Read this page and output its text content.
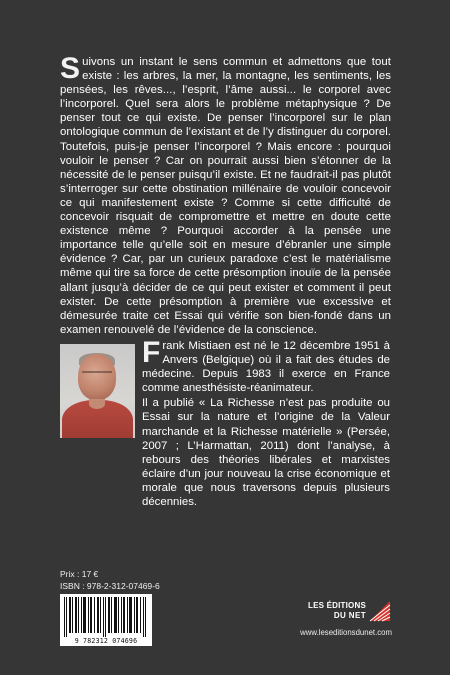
Suivons un instant le sens commun et admettons que tout existe : les arbres, la mer, la montagne, les sentiments, les pensées, les rêves..., l’esprit, l’âme aussi... le corporel avec l’incorporel. Quel sera alors le problème métaphysique ? De penser tout ce qui existe. De penser l’incorporel sur le plan ontologique commun de l’existant et de l’y distinguer du corporel. Toutefois, puis-je penser l’incorporel ? Mais encore : pourquoi vouloir le penser ? Car on pourrait aussi bien s’étonner de la nécessité de le penser puisqu’il existe. Et ne faudrait-il pas plutôt s’interroger sur cette obstination millénaire de vouloir concevoir ce qui manifestement existe ? Comme si cette difficulté de concevoir risquait de compromettre et mettre en doute cette existence même ? Pourquoi accorder à la pensée une importance telle qu’elle soit en mesure d’ébranler une simple évidence ? Car, par un curieux paradoxe c’est le matérialisme même qui tire sa force de cette présomption inouïe de la pensée allant jusqu’à décider de ce qui peut exister et comment il peut exister. De cette présomption à première vue excessive et démesurée traite cet Essai qui vérifie son bien-fondé dans un examen renouvelé de l’évidence de la conscience.

Frank Mistiaen est né le 12 décembre 1951 à Anvers (Belgique) où il a fait des études de médecine. Depuis 1983 il exerce en France comme anesthésiste-réanimateur.

Il a publié « La Richesse n’est pas produite ou Essai sur la nature et l’origine de la Valeur marchande et la Richesse matérielle » (Persée, 2007 ; L’Harmattan, 2011) dont l’analyse, à rebours des théories libérales et marxistes éclaire d’un jour nouveau la crise économique et morale que nous traversons depuis plusieurs décennies.

Prix : 17 €
ISBN : 978-2-312-07469-6
9 782312 074696
LES ÉDITIONS
DU NET
www.leseditionsdunet.com
